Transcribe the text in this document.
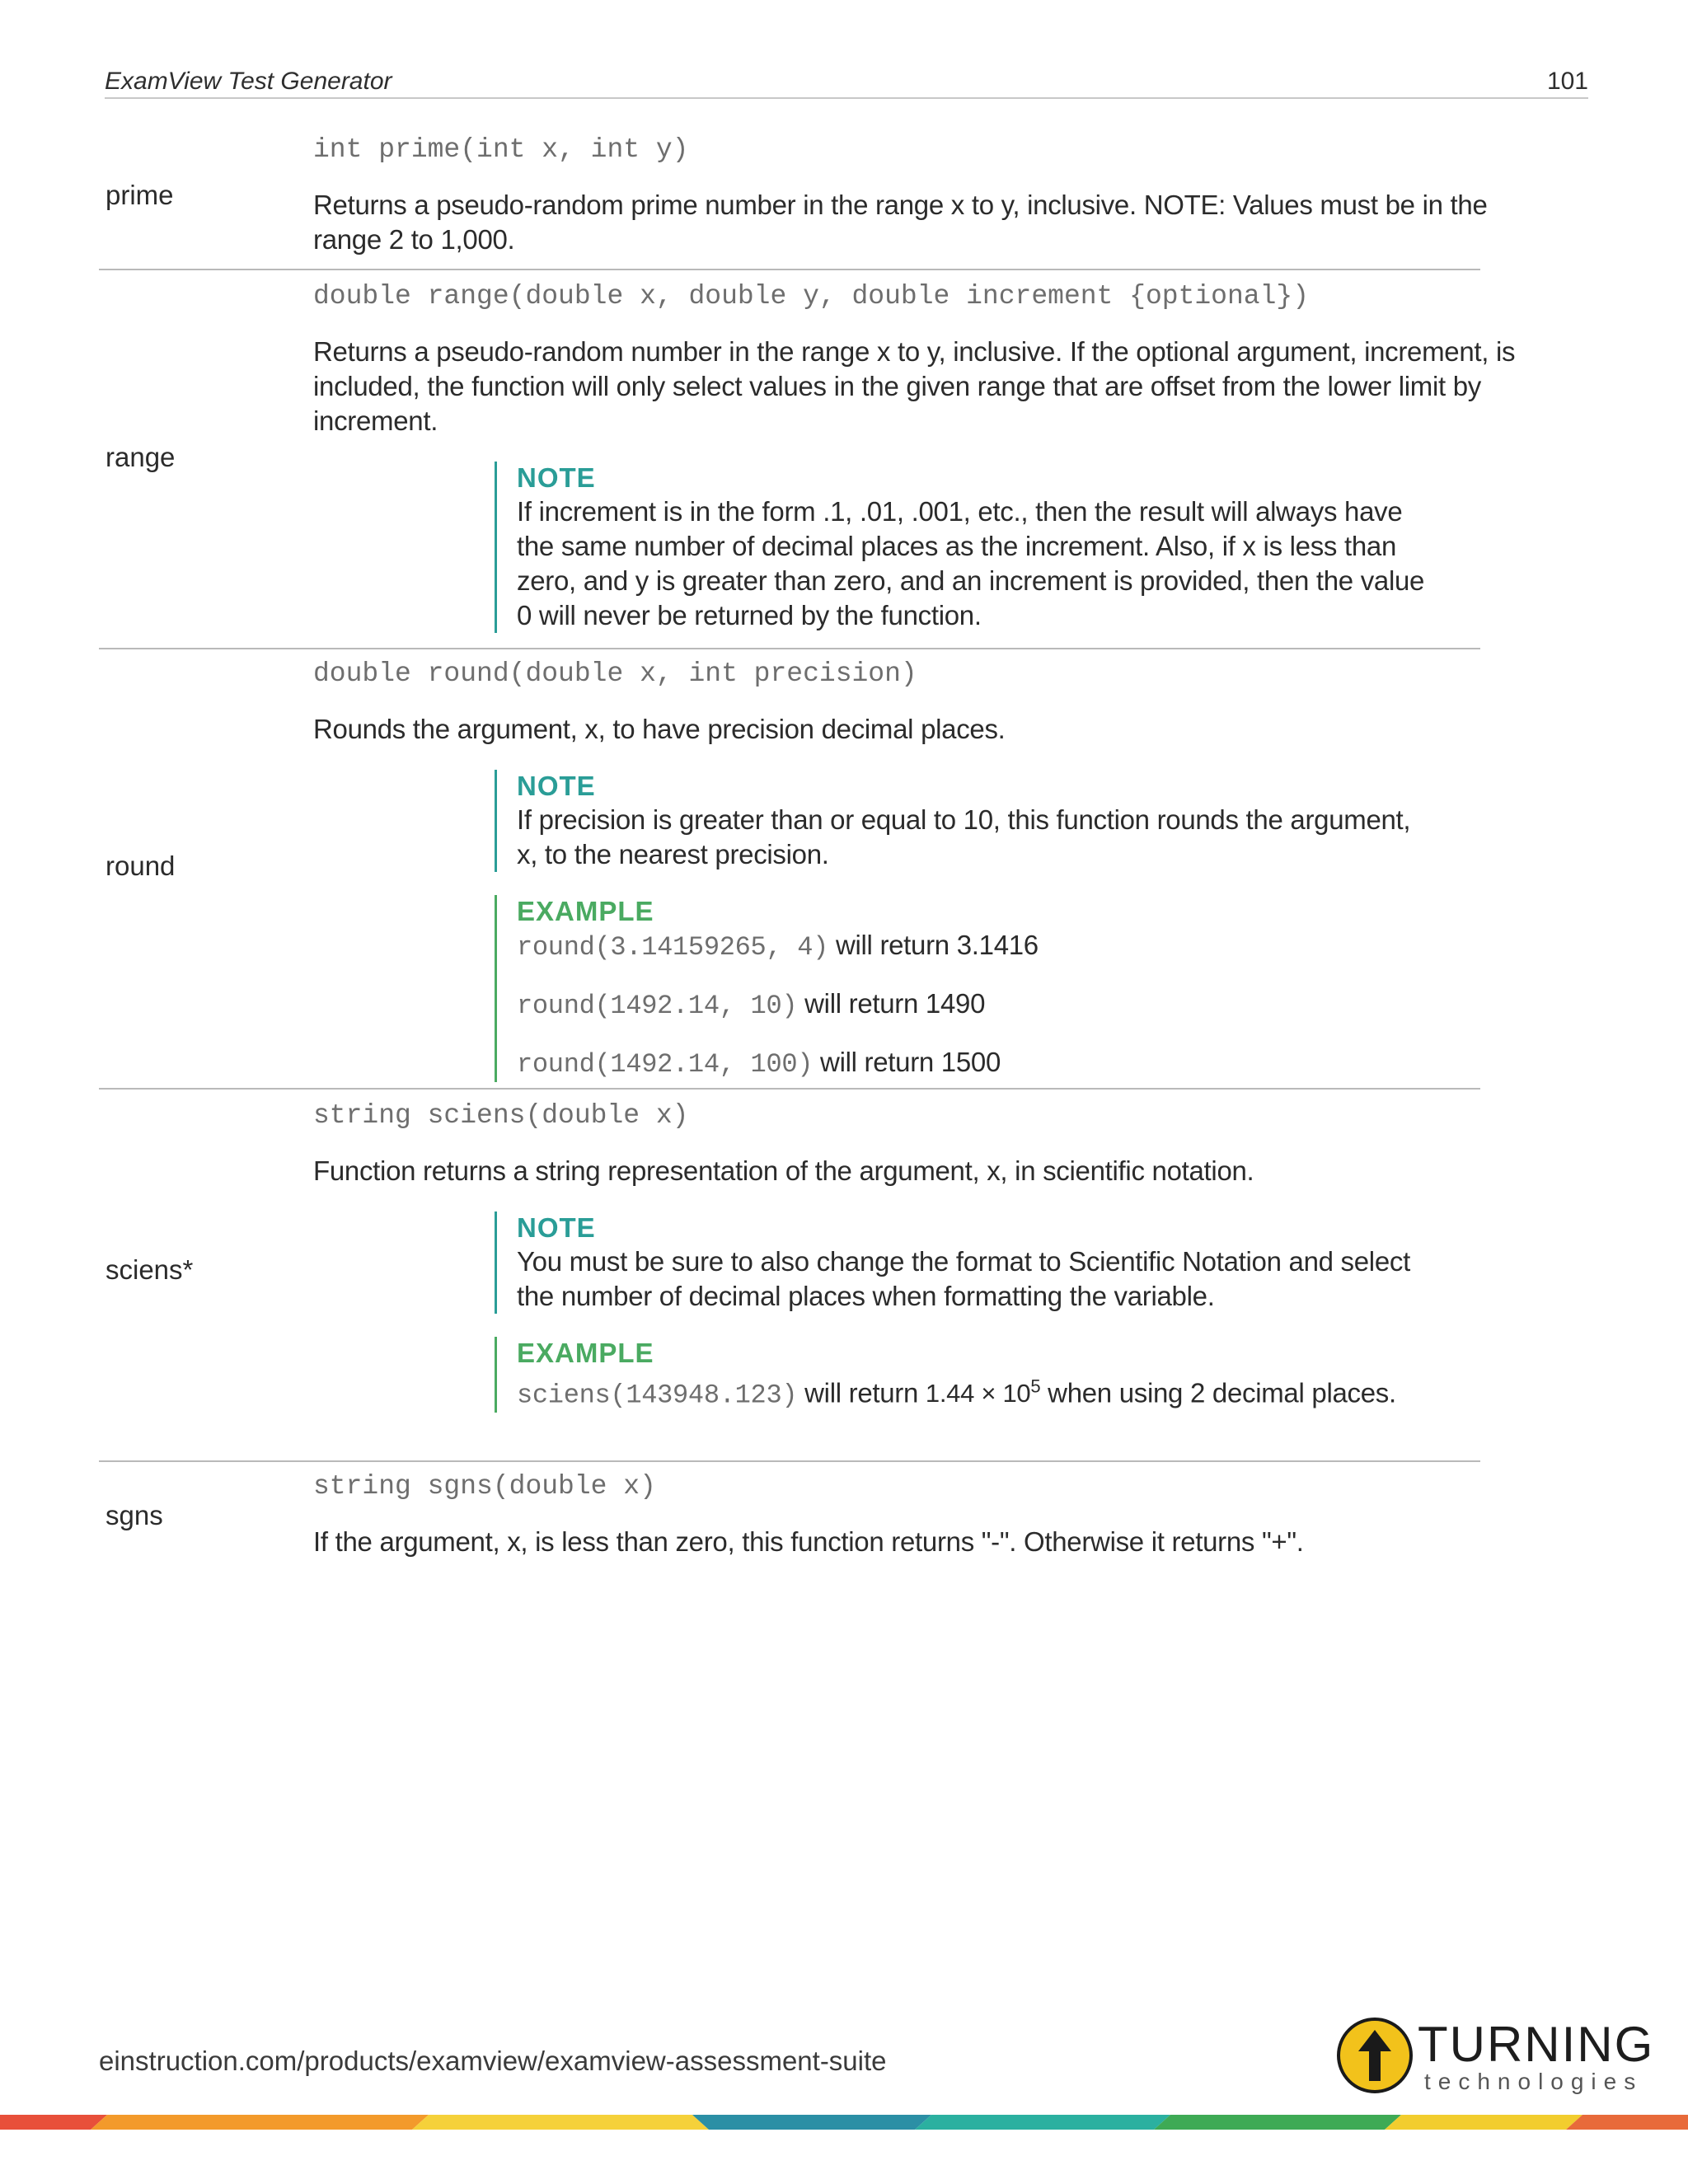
ExamView Test Generator	101
prime

int prime(int x, int y)

Returns a pseudo-random prime number in the range x to y, inclusive. NOTE: Values must be in the range 2 to 1,000.

range

double range(double x, double y, double increment {optional})

Returns a pseudo-random number in the range x to y, inclusive. If the optional argument, increment, is included, the function will only select values in the given range that are offset from the lower limit by increment.

NOTE
If increment is in the form .1, .01, .001, etc., then the result will always have the same number of decimal places as the increment. Also, if x is less than zero, and y is greater than zero, and an increment is provided, then the value 0 will never be returned by the function.
round

double round(double x, int precision)

Rounds the argument, x, to have precision decimal places.

NOTE
If precision is greater than or equal to 10, this function rounds the argument, x, to the nearest precision.
EXAMPLE
round(3.14159265, 4) will return 3.1416
round(1492.14, 10) will return 1490
round(1492.14, 100) will return 1500
sciens*

string sciens(double x)

Function returns a string representation of the argument, x, in scientific notation.

NOTE
You must be sure to also change the format to Scientific Notation and select the number of decimal places when formatting the variable.
EXAMPLE
sciens(143948.123) will return $1.44 \times 10^5$ when using 2 decimal places.
sgns

string sgns(double x)

If the argument, x, is less than zero, this function returns "-". Otherwise it returns "+".

einstruction.com/products/examview/examview-assessment-suite	TURNING
technologies
